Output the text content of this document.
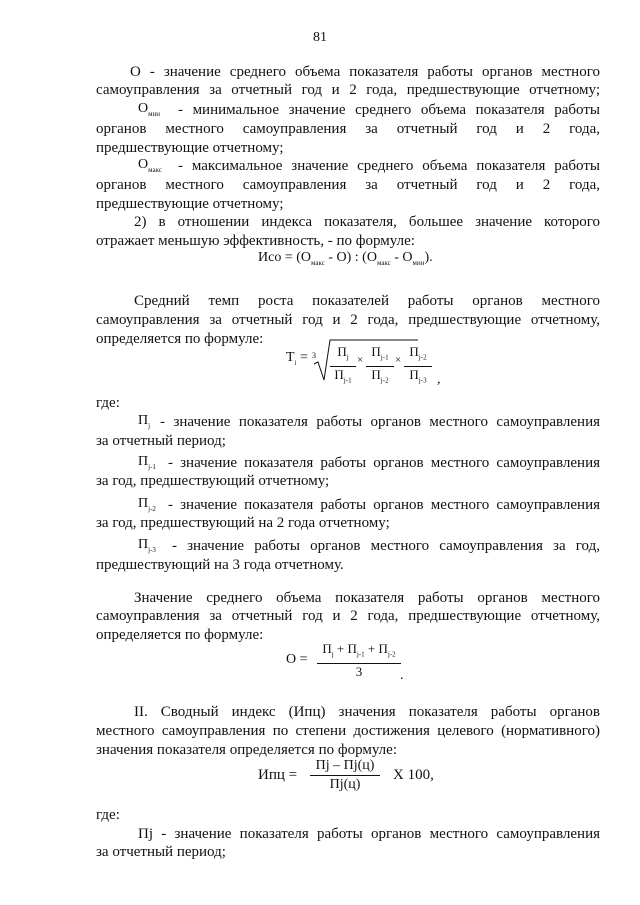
81
О - значение среднего объема показателя работы органов местного
самоуправления за отчетный год и 2 года, предшествующие отчетному;
$О_{мин}$ - минимальное значение среднего объема показателя работы
органов местного самоуправления за отчетный год и 2 года,
предшествующие отчетному;
$О_{макс}$ - максимальное значение среднего объема показателя работы
органов местного самоуправления за отчетный год и 2 года,
предшествующие отчетному;
2) в отношении индекса показателя, большее значение которого
отражает меньшую эффективность, - по формуле:
Исо = $(О_{макс} - О)$ : $(О_{макс} - О_{мин})$.
Средний темп роста показателей работы органов местного
самоуправления за отчетный год и 2 года, предшествующие отчетному,
определяется по формуле:
$Т_i = 3$ $П_j$
$П_{j-1}$
×
$П_{j-1}$
$П_{j-2}$
×
$П_{j-2}$
$П_{j-3}$ ,
где:
$П_j$ - значение показателя работы органов местного самоуправления
за отчетный период;
$П_{j-1}$ - значение показателя работы органов местного самоуправления
за год, предшествующий отчетному;
$П_{j-2}$ - значение показателя работы органов местного самоуправления
за год, предшествующий на 2 года отчетному;
$П_{j-3}$ - значение работы органов местного самоуправления за год,
предшествующий на 3 года отчетному.
Значение среднего объема показателя работы органов местного
самоуправления за отчетный год и 2 года, предшествующие отчетному,
определяется по формуле:
О =
$П_j + П_{j-1} + П_{j-2}$
3	.
II. Сводный индекс (Ипц) значения показателя работы органов
местного самоуправления по степени достижения целевого (нормативного)
значения показателя определяется по формуле:
Ипц =
Пj – Пj(ц)
Пj(ц)
Х 100,
где:
Пj - значение показателя работы органов местного самоуправления
за отчетный период;
